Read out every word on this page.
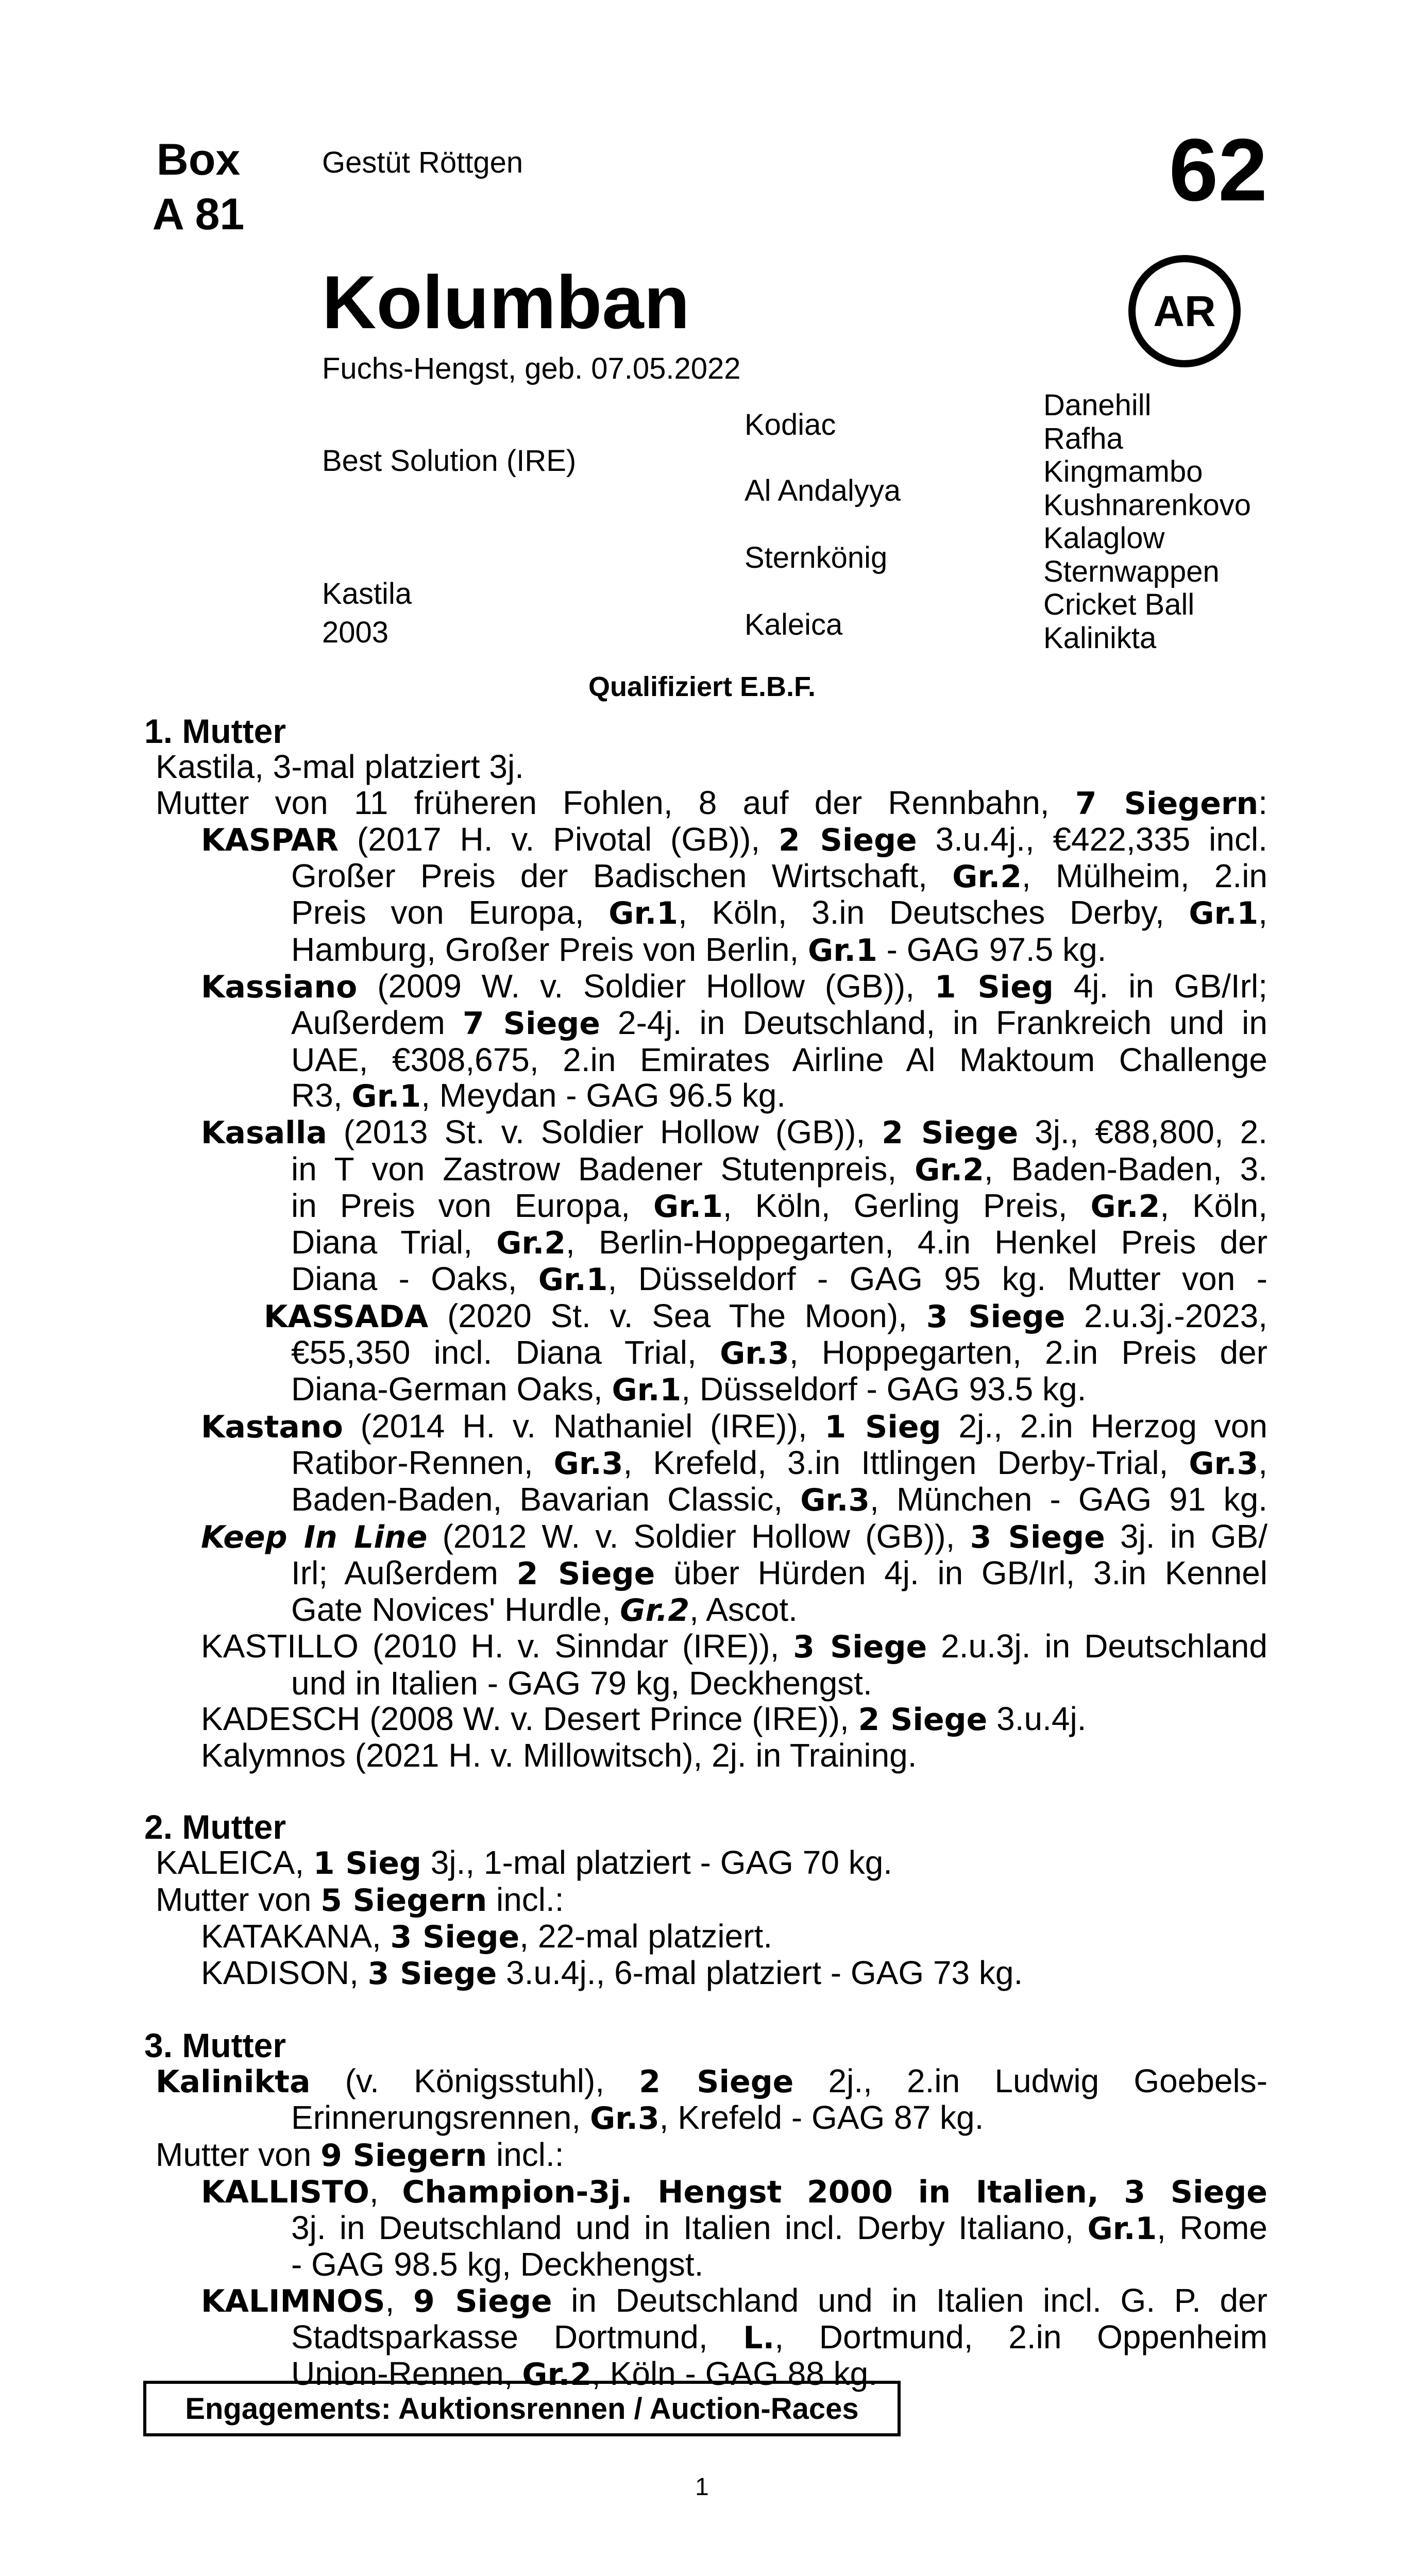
Box
A 81
Gestüt Röttgen	62
Kolumban	AR
Fuchs-Hengst, geb. 07.05.2022
Best Solution (IRE)
Kastila
2003
Kodiac
Al Andalyya
Sternkönig
Kaleica
Danehill
Rafha
Kingmambo
Kushnarenkovo
Kalaglow
Sternwappen
Cricket Ball
Kalinikta
Qualifiziert E.B.F.
1. Mutter
Kastila, 3-mal platziert 3j.
Mutter von 11 früheren Fohlen, 8 auf der Rennbahn, 7 Siegern:
KASPAR (2017 H. v. Pivotal (GB)), 2 Siege 3.u.4j., €422,335 incl.
Großer Preis der Badischen Wirtschaft, Gr.2, Mülheim, 2.in
Preis von Europa, Gr.1, Köln, 3.in Deutsches Derby, Gr.1,
Hamburg, Großer Preis von Berlin, Gr.1 - GAG 97.5 kg.
Kassiano (2009 W. v. Soldier Hollow (GB)), 1 Sieg 4j. in GB/Irl;
Außerdem 7 Siege 2-4j. in Deutschland, in Frankreich und in
UAE, €308,675, 2.in Emirates Airline Al Maktoum Challenge
R3, Gr.1, Meydan - GAG 96.5 kg.
Kasalla (2013 St. v. Soldier Hollow (GB)), 2 Siege 3j., €88,800, 2.
in T von Zastrow Badener Stutenpreis, Gr.2, Baden-Baden, 3.
in Preis von Europa, Gr.1, Köln, Gerling Preis, Gr.2, Köln,
Diana Trial, Gr.2, Berlin-Hoppegarten, 4.in Henkel Preis der
Diana - Oaks, Gr.1, Düsseldorf - GAG 95 kg. Mutter von -
KASSADA (2020 St. v. Sea The Moon), 3 Siege 2.u.3j.-2023,
€55,350 incl. Diana Trial, Gr.3, Hoppegarten, 2.in Preis der
Diana-German Oaks, Gr.1, Düsseldorf - GAG 93.5 kg.
Kastano (2014 H. v. Nathaniel (IRE)), 1 Sieg 2j., 2.in Herzog von
Ratibor-Rennen, Gr.3, Krefeld, 3.in Ittlingen Derby-Trial, Gr.3,
Baden-Baden, Bavarian Classic, Gr.3, München - GAG 91 kg.
Keep In Line (2012 W. v. Soldier Hollow (GB)), 3 Siege 3j. in GB/
Irl; Außerdem 2 Siege über Hürden 4j. in GB/Irl, 3.in Kennel
Gate Novices' Hurdle, Gr.2, Ascot.
KASTILLO (2010 H. v. Sinndar (IRE)), 3 Siege 2.u.3j. in Deutschland
und in Italien - GAG 79 kg, Deckhengst.
KADESCH (2008 W. v. Desert Prince (IRE)), 2 Siege 3.u.4j.
Kalymnos (2021 H. v. Millowitsch), 2j. in Training.
2. Mutter
KALEICA, 1 Sieg 3j., 1-mal platziert - GAG 70 kg.
Mutter von 5 Siegern incl.:
KATAKANA, 3 Siege, 22-mal platziert.
KADISON, 3 Siege 3.u.4j., 6-mal platziert - GAG 73 kg.
3. Mutter
Kalinikta (v. Königsstuhl), 2 Siege 2j., 2.in Ludwig Goebels-
Erinnerungsrennen, Gr.3, Krefeld - GAG 87 kg.
Mutter von 9 Siegern incl.:
KALLISTO, Champion-3j. Hengst 2000 in Italien, 3 Siege
3j. in Deutschland und in Italien incl. Derby Italiano, Gr.1, Rome
- GAG 98.5 kg, Deckhengst.
KALIMNOS, 9 Siege in Deutschland und in Italien incl. G. P. der
Stadtsparkasse Dortmund, L., Dortmund, 2.in Oppenheim
Union-Rennen, Gr.2, Köln - GAG 88 kg.
Engagements: Auktionsrennen / Auction-Races
1
